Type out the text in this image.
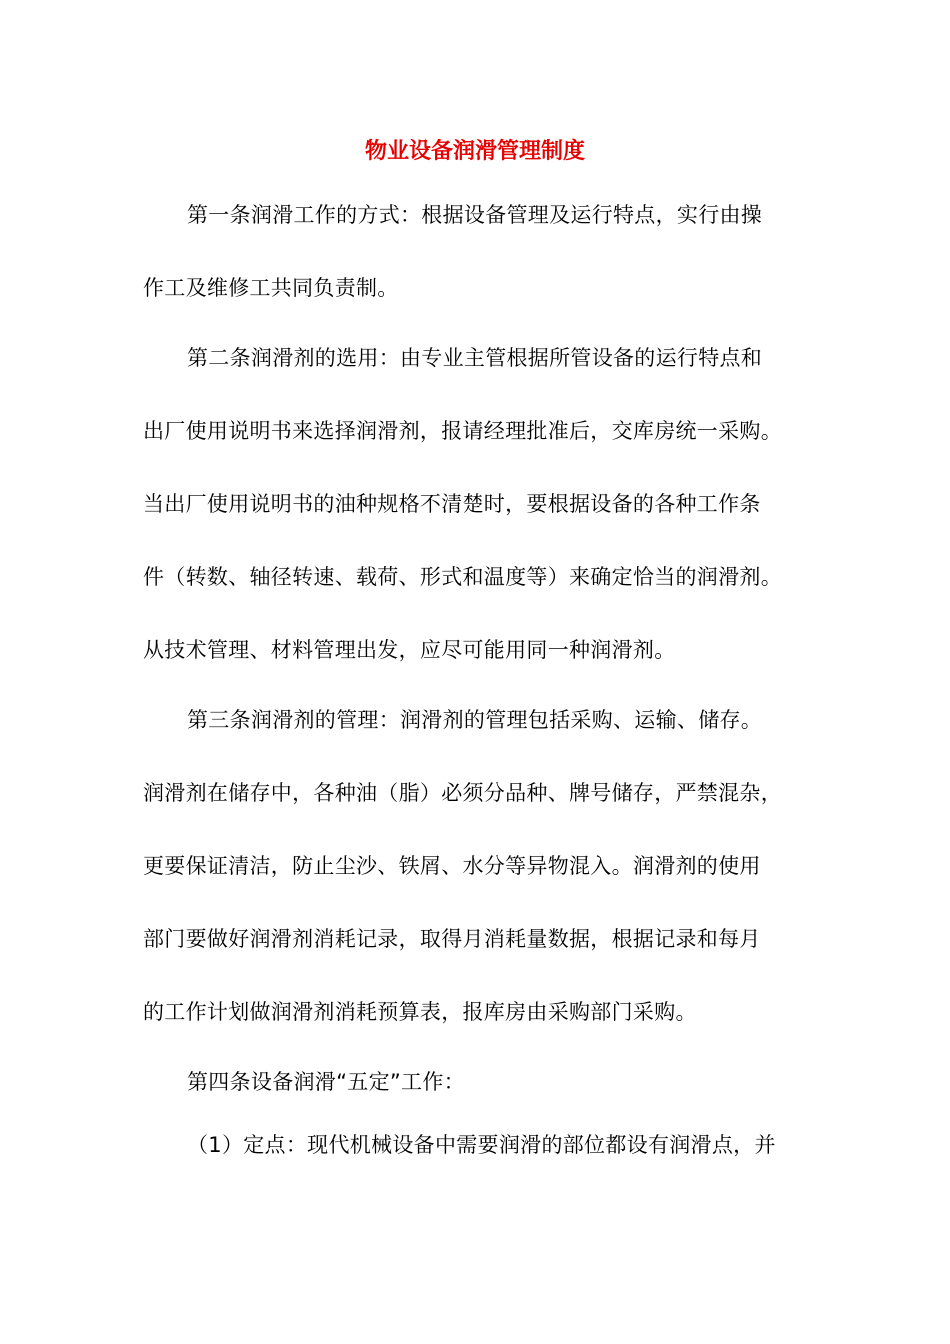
物业设备润滑管理制度
第一条润滑工作的方式：根据设备管理及运行特点，实行由操
作工及维修工共同负责制。
第二条润滑剂的选用：由专业主管根据所管设备的运行特点和
出厂使用说明书来选择润滑剂，报请经理批准后，交库房统一采购。
当出厂使用说明书的油种规格不清楚时，要根据设备的各种工作条
件（转数、轴径转速、载荷、形式和温度等）来确定恰当的润滑剂。
从技术管理、材料管理出发，应尽可能用同一种润滑剂。
第三条润滑剂的管理：润滑剂的管理包括采购、运输、储存。
润滑剂在储存中，各种油（脂）必须分品种、牌号储存，严禁混杂，
更要保证清洁，防止尘沙、铁屑、水分等异物混入。润滑剂的使用
部门要做好润滑剂消耗记录，取得月消耗量数据，根据记录和每月
的工作计划做润滑剂消耗预算表，报库房由采购部门采购。
第四条设备润滑“五定”工作：
（1）定点：现代机械设备中需要润滑的部位都设有润滑点，并
